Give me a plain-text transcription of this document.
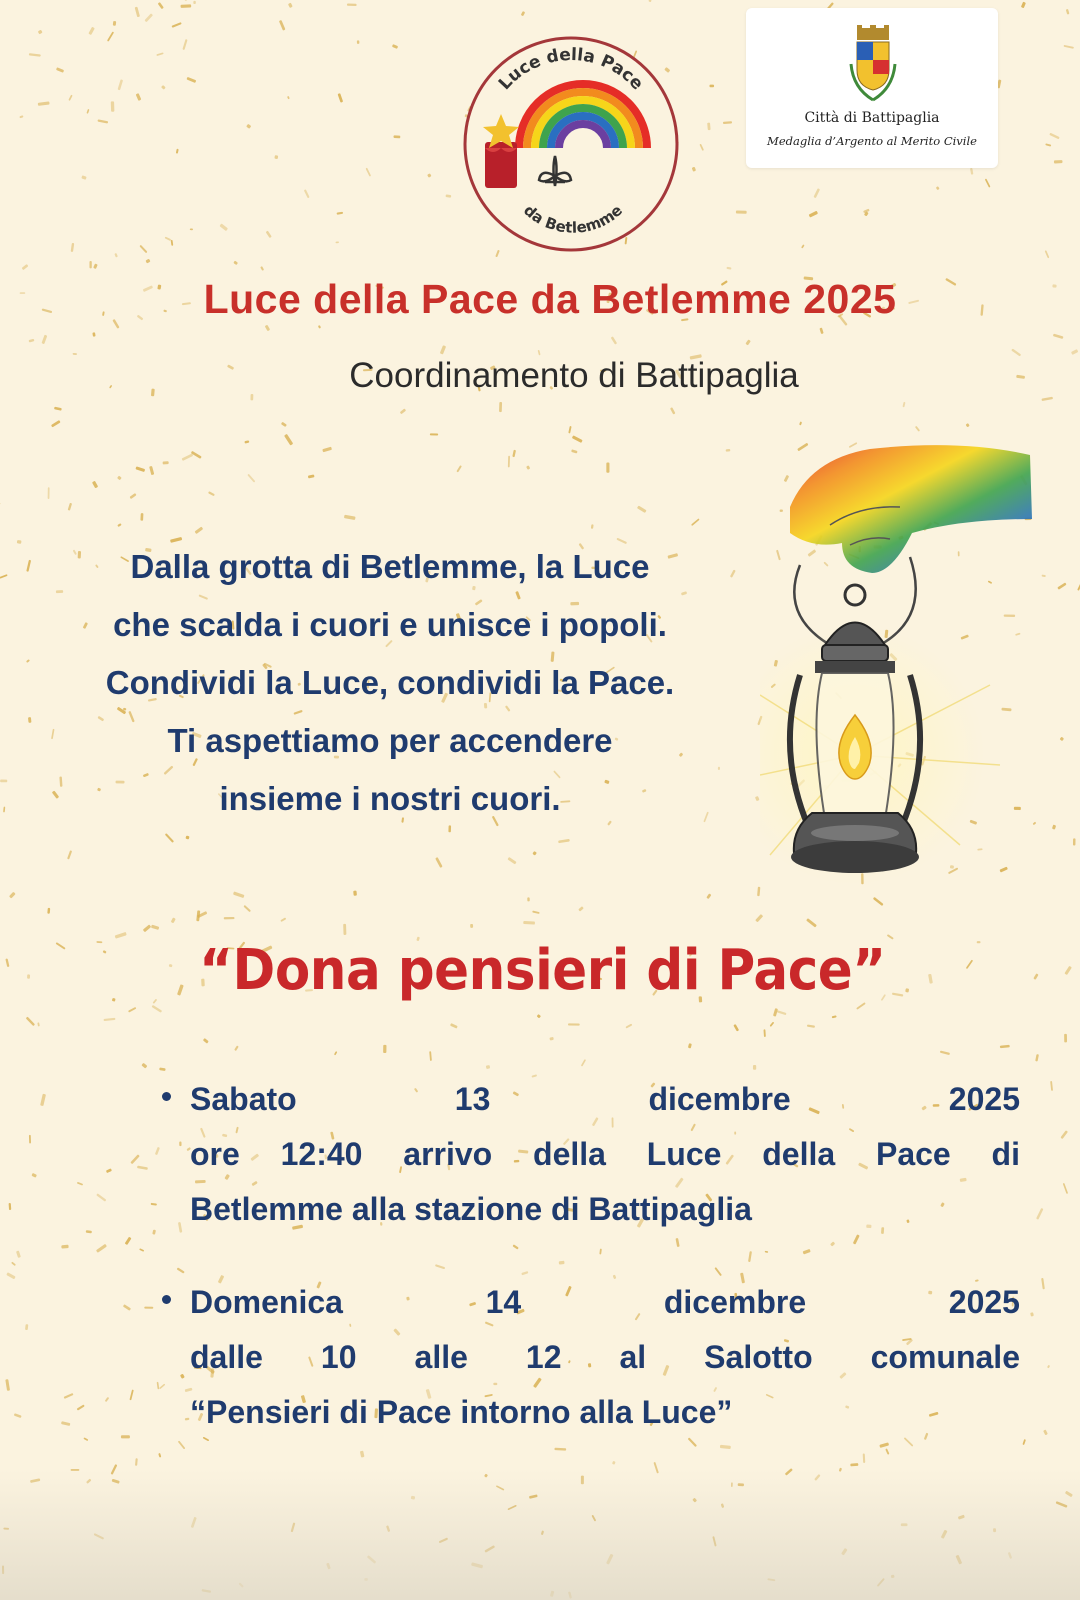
Luce della Pace
da Betlemme
Città di Battipaglia
Medaglia d’Argento al Merito Civile
Luce della Pace da Betlemme 2025
Coordinamento di Battipaglia
Dalla grotta di Betlemme, la Luce
che scalda i cuori e unisce i popoli.
Condividi la Luce, condividi la Pace.
Ti aspettiamo per accendere
insieme i nostri cuori.
“Dona pensieri di Pace”
Sabato	13	dicembre	2025
ore 12:40 arrivo della Luce della Pace di
Betlemme alla stazione di Battipaglia
Domenica	14	dicembre	2025
dalle 10 alle 12 al Salotto comunale
“Pensieri di Pace intorno alla Luce”
